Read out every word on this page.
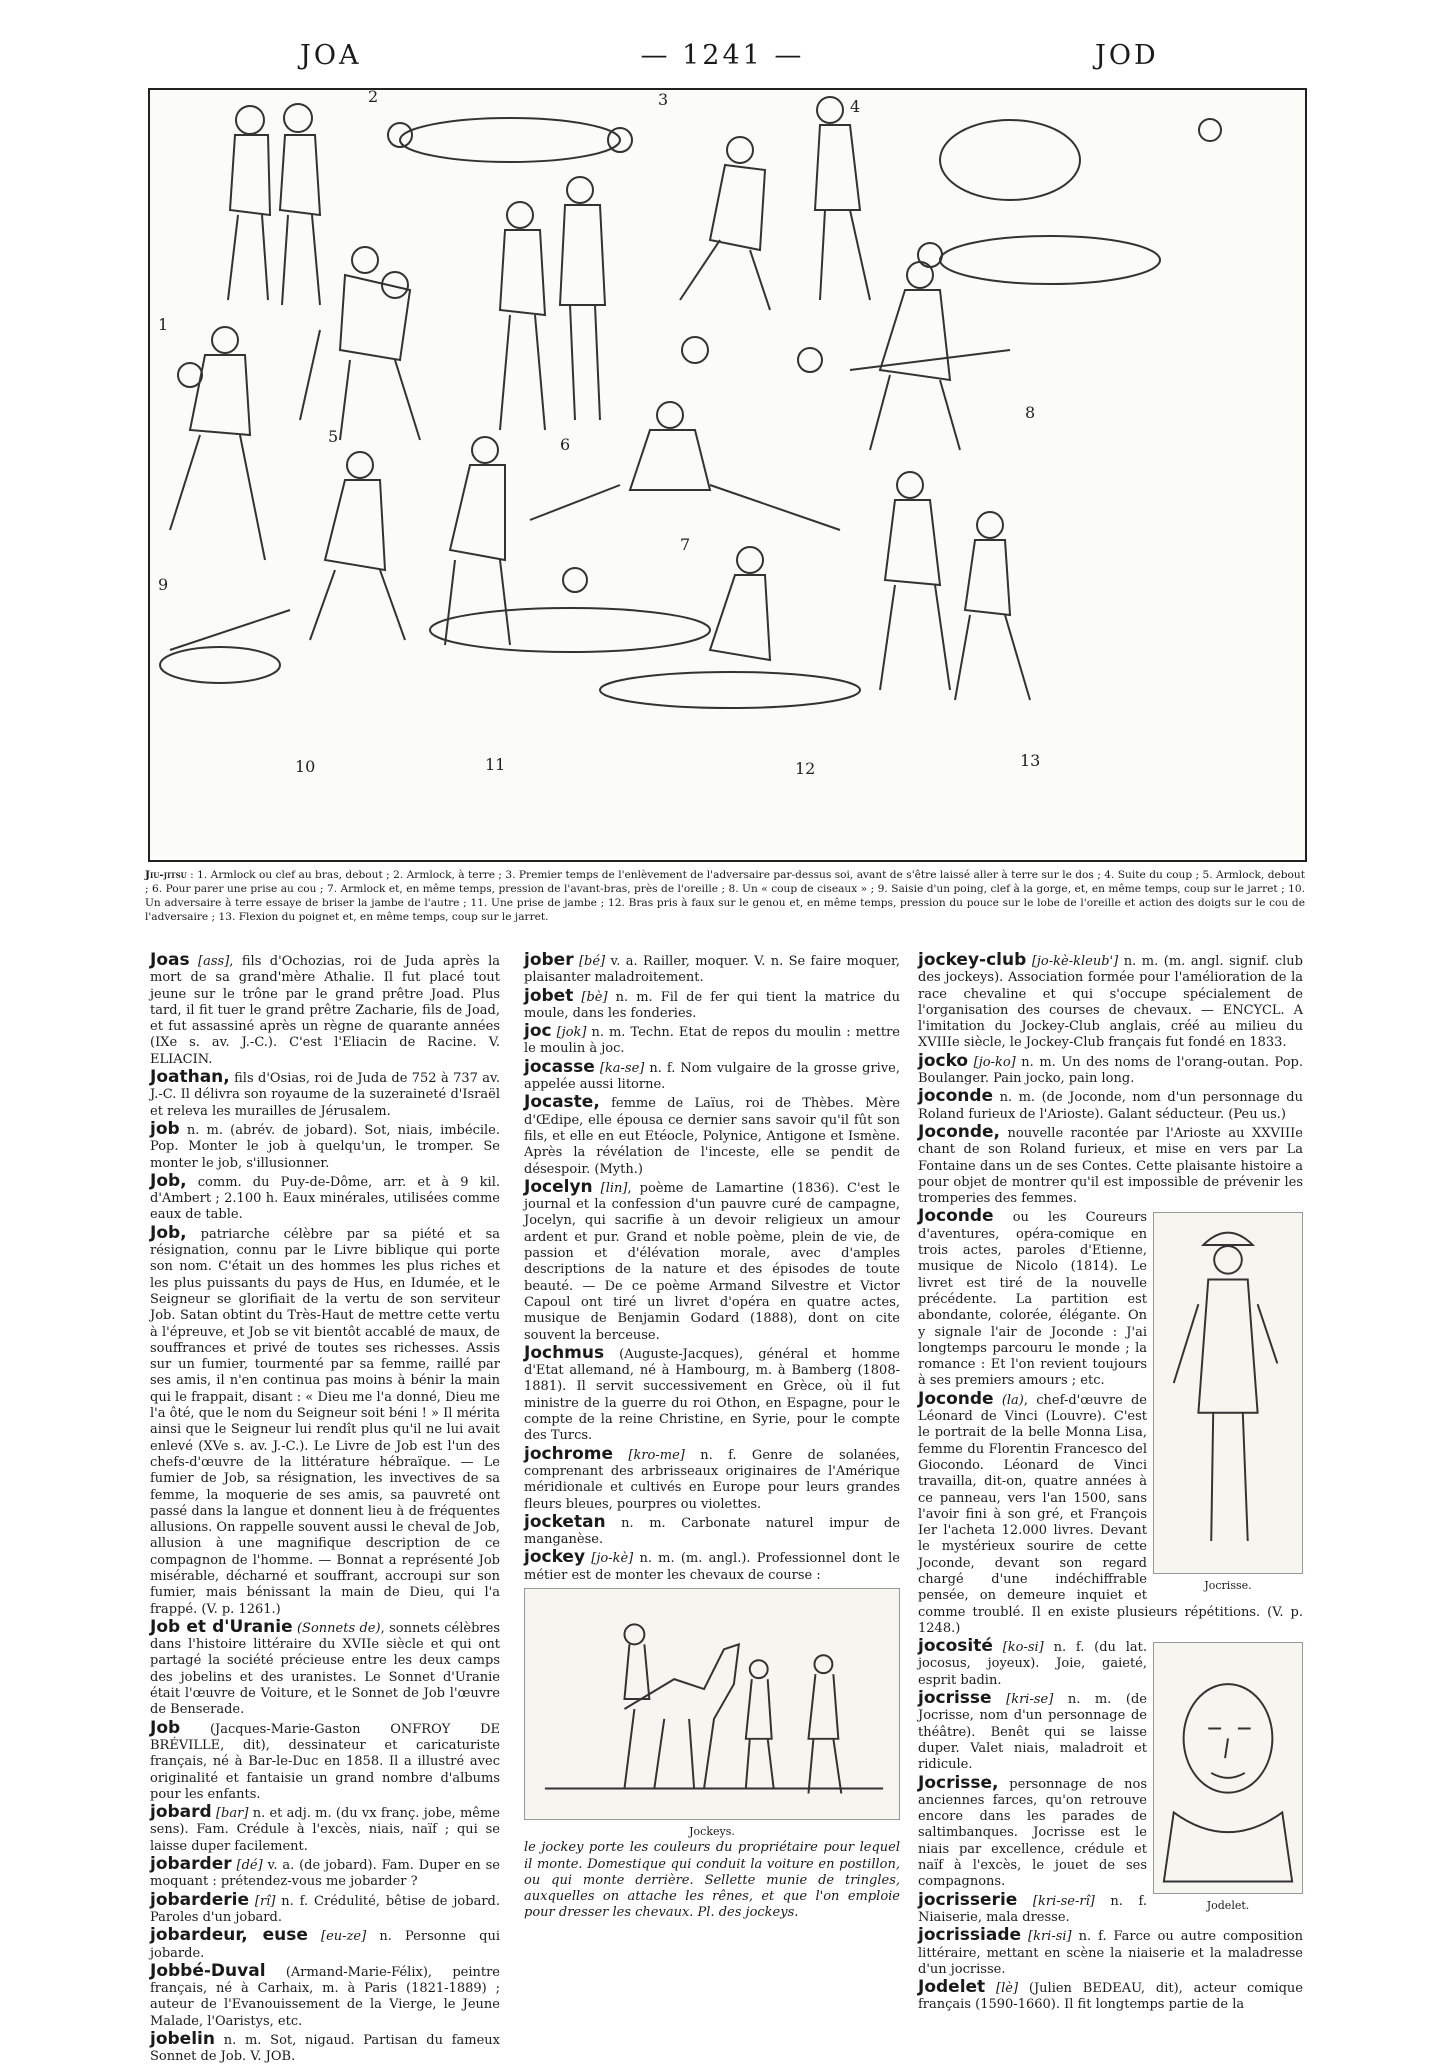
JOA	— 1241 —	JOD
1
2	3	4
5	6
7
8
9
10	11	12	13
Jiu-jitsu : 1. Armlock ou clef au bras, debout ; 2. Armlock, à terre ; 3. Premier temps de l'enlèvement de l'adversaire par-dessus soi, avant de s'être laissé aller à terre sur le dos ; 4. Suite du coup ; 5. Armlock, debout ; 6. Pour parer une prise au cou ; 7. Armlock et, en même temps, pression de l'avant-bras, près de l'oreille ; 8. Un « coup de ciseaux » ; 9. Saisie d'un poing, clef à la gorge, et, en même temps, coup sur le jarret ; 10. Un adversaire à terre essaye de briser la jambe de l'autre ; 11. Une prise de jambe ; 12. Bras pris à faux sur le genou et, en même temps, pression du pouce sur le lobe de l'oreille et action des doigts sur le cou de l'adversaire ; 13. Flexion du poignet et, en même temps, coup sur le jarret.

Joas [ass], fils d'Ochozias, roi de Juda après la mort de sa grand'mère Athalie. Il fut placé tout jeune sur le trône par le grand prêtre Joad. Plus tard, il fit tuer le grand prêtre Zacharie, fils de Joad, et fut assassiné après un règne de quarante années (IXe s. av. J.-C.). C'est l'Eliacin de Racine. V. ELIACIN.

Joathan, fils d'Osias, roi de Juda de 752 à 737 av. J.-C. Il délivra son royaume de la suzeraineté d'Israël et releva les murailles de Jérusalem.

job n. m. (abrév. de jobard). Sot, niais, imbécile. Pop. Monter le job à quelqu'un, le tromper. Se monter le job, s'illusionner.

Job, comm. du Puy-de-Dôme, arr. et à 9 kil. d'Ambert ; 2.100 h. Eaux minérales, utilisées comme eaux de table.

Job, patriarche célèbre par sa piété et sa résignation, connu par le Livre biblique qui porte son nom. C'était un des hommes les plus riches et les plus puissants du pays de Hus, en Idumée, et le Seigneur se glorifiait de la vertu de son serviteur Job. Satan obtint du Très-Haut de mettre cette vertu à l'épreuve, et Job se vit bientôt accablé de maux, de souffrances et privé de toutes ses richesses. Assis sur un fumier, tourmenté par sa femme, raillé par ses amis, il n'en continua pas moins à bénir la main qui le frappait, disant : « Dieu me l'a donné, Dieu me l'a ôté, que le nom du Seigneur soit béni ! » Il mérita ainsi que le Seigneur lui rendît plus qu'il ne lui avait enlevé (XVe s. av. J.-C.). Le Livre de Job est l'un des chefs-d'œuvre de la littérature hébraïque. — Le fumier de Job, sa résignation, les invectives de sa femme, la moquerie de ses amis, sa pauvreté ont passé dans la langue et donnent lieu à de fréquentes allusions. On rappelle souvent aussi le cheval de Job, allusion à une magnifique description de ce compagnon de l'homme. — Bonnat a représenté Job misérable, décharné et souffrant, accroupi sur son fumier, mais bénissant la main de Dieu, qui l'a frappé. (V. p. 1261.)

Job et d'Uranie (Sonnets de), sonnets célèbres dans l'histoire littéraire du XVIIe siècle et qui ont partagé la société précieuse entre les deux camps des jobelins et des uranistes. Le Sonnet d'Uranie était l'œuvre de Voiture, et le Sonnet de Job l'œuvre de Benserade.

Job (Jacques-Marie-Gaston ONFROY DE BRÉVILLE, dit), dessinateur et caricaturiste français, né à Bar-le-Duc en 1858. Il a illustré avec originalité et fantaisie un grand nombre d'albums pour les enfants.

jobard [bar] n. et adj. m. (du vx franç. jobe, même sens). Fam. Crédule à l'excès, niais, naïf ; qui se laisse duper facilement.

jobarder [dé] v. a. (de jobard). Fam. Duper en se moquant : prétendez-vous me jobarder ?

jobarderie [rî] n. f. Crédulité, bêtise de jobard. Paroles d'un jobard.

jobardeur, euse [eu-ze] n. Personne qui jobarde.

Jobbé-Duval (Armand-Marie-Félix), peintre français, né à Carhaix, m. à Paris (1821-1889) ; auteur de l'Evanouissement de la Vierge, le Jeune Malade, l'Oaristys, etc.

jobelin n. m. Sot, nigaud. Partisan du fameux Sonnet de Job. V. JOB.

jober [bé] v. a. Railler, moquer. V. n. Se faire moquer, plaisanter maladroitement.

jobet [bè] n. m. Fil de fer qui tient la matrice du moule, dans les fonderies.

joc [jok] n. m. Techn. Etat de repos du moulin : mettre le moulin à joc.

jocasse [ka-se] n. f. Nom vulgaire de la grosse grive, appelée aussi litorne.

Jocaste, femme de Laïus, roi de Thèbes. Mère d'Œdipe, elle épousa ce dernier sans savoir qu'il fût son fils, et elle en eut Etéocle, Polynice, Antigone et Ismène. Après la révélation de l'inceste, elle se pendit de désespoir. (Myth.)

Jocelyn [lin], poème de Lamartine (1836). C'est le journal et la confession d'un pauvre curé de campagne, Jocelyn, qui sacrifie à un devoir religieux un amour ardent et pur. Grand et noble poème, plein de vie, de passion et d'élévation morale, avec d'amples descriptions de la nature et des épisodes de toute beauté. — De ce poème Armand Silvestre et Victor Capoul ont tiré un livret d'opéra en quatre actes, musique de Benjamin Godard (1888), dont on cite souvent la berceuse.

Jochmus (Auguste-Jacques), général et homme d'Etat allemand, né à Hambourg, m. à Bamberg (1808-1881). Il servit successivement en Grèce, où il fut ministre de la guerre du roi Othon, en Espagne, pour le compte de la reine Christine, en Syrie, pour le compte des Turcs.

jochrome [kro-me] n. f. Genre de solanées, comprenant des arbrisseaux originaires de l'Amérique méridionale et cultivés en Europe pour leurs grandes fleurs bleues, pourpres ou violettes.

jocketan n. m. Carbonate naturel impur de manganèse.

jockey [jo-kè] n. m. (m. angl.). Professionnel dont le métier est de monter les chevaux de course :

Jockeys.

le jockey porte les couleurs du propriétaire pour lequel il monte. Domestique qui conduit la voiture en postillon, ou qui monte derrière. Sellette munie de tringles, auxquelles on attache les rênes, et que l'on emploie pour dresser les chevaux. Pl. des jockeys.

jockey-club [jo-kè-kleub'] n. m. (m. angl. signif. club des jockeys). Association formée pour l'amélioration de la race chevaline et qui s'occupe spécialement de l'organisation des courses de chevaux. — ENCYCL. A l'imitation du Jockey-Club anglais, créé au milieu du XVIIIe siècle, le Jockey-Club français fut fondé en 1833.

jocko [jo-ko] n. m. Un des noms de l'orang-outan. Pop. Boulanger. Pain jocko, pain long.

joconde n. m. (de Joconde, nom d'un personnage du Roland furieux de l'Arioste). Galant séducteur. (Peu us.)

Joconde, nouvelle racontée par l'Arioste au XXVIIIe chant de son Roland furieux, et mise en vers par La Fontaine dans un de ses Contes. Cette plaisante histoire a pour objet de montrer qu'il est impossible de prévenir les tromperies des femmes.

Jocrisse.

Joconde ou les Coureurs d'aventures, opéra-comique en trois actes, paroles d'Etienne, musique de Nicolo (1814). Le livret est tiré de la nouvelle précédente. La partition est abondante, colorée, élégante. On y signale l'air de Joconde : J'ai longtemps parcouru le monde ; la romance : Et l'on revient toujours à ses premiers amours ; etc.

Joconde (la), chef-d'œuvre de Léonard de Vinci (Louvre). C'est le portrait de la belle Monna Lisa, femme du Florentin Francesco del Giocondo. Léonard de Vinci travailla, dit-on, quatre années à ce panneau, vers l'an 1500, sans l'avoir fini à son gré, et François Ier l'acheta 12.000 livres. Devant le mystérieux sourire de cette Joconde, devant son regard chargé d'une indéchiffrable pensée, on demeure inquiet et comme troublé. Il en existe plusieurs répétitions. (V. p. 1248.)

Jodelet.

jocosité [ko-si] n. f. (du lat. jocosus, joyeux). Joie, gaieté, esprit badin.

jocrisse [kri-se] n. m. (de Jocrisse, nom d'un personnage de théâtre). Benêt qui se laisse duper. Valet niais, maladroit et ridicule.

Jocrisse, personnage de nos anciennes farces, qu'on retrouve encore dans les parades de saltimbanques. Jocrisse est le niais par excellence, crédule et naïf à l'excès, le jouet de ses compagnons.

jocrisserie [kri-se-rî] n. f. Niaiserie, mala dresse.

jocrissiade [kri-si] n. f. Farce ou autre composition littéraire, mettant en scène la niaiserie et la maladresse d'un jocrisse.

Jodelet [lè] (Julien BEDEAU, dit), acteur comique français (1590-1660). Il fit longtemps partie de la
